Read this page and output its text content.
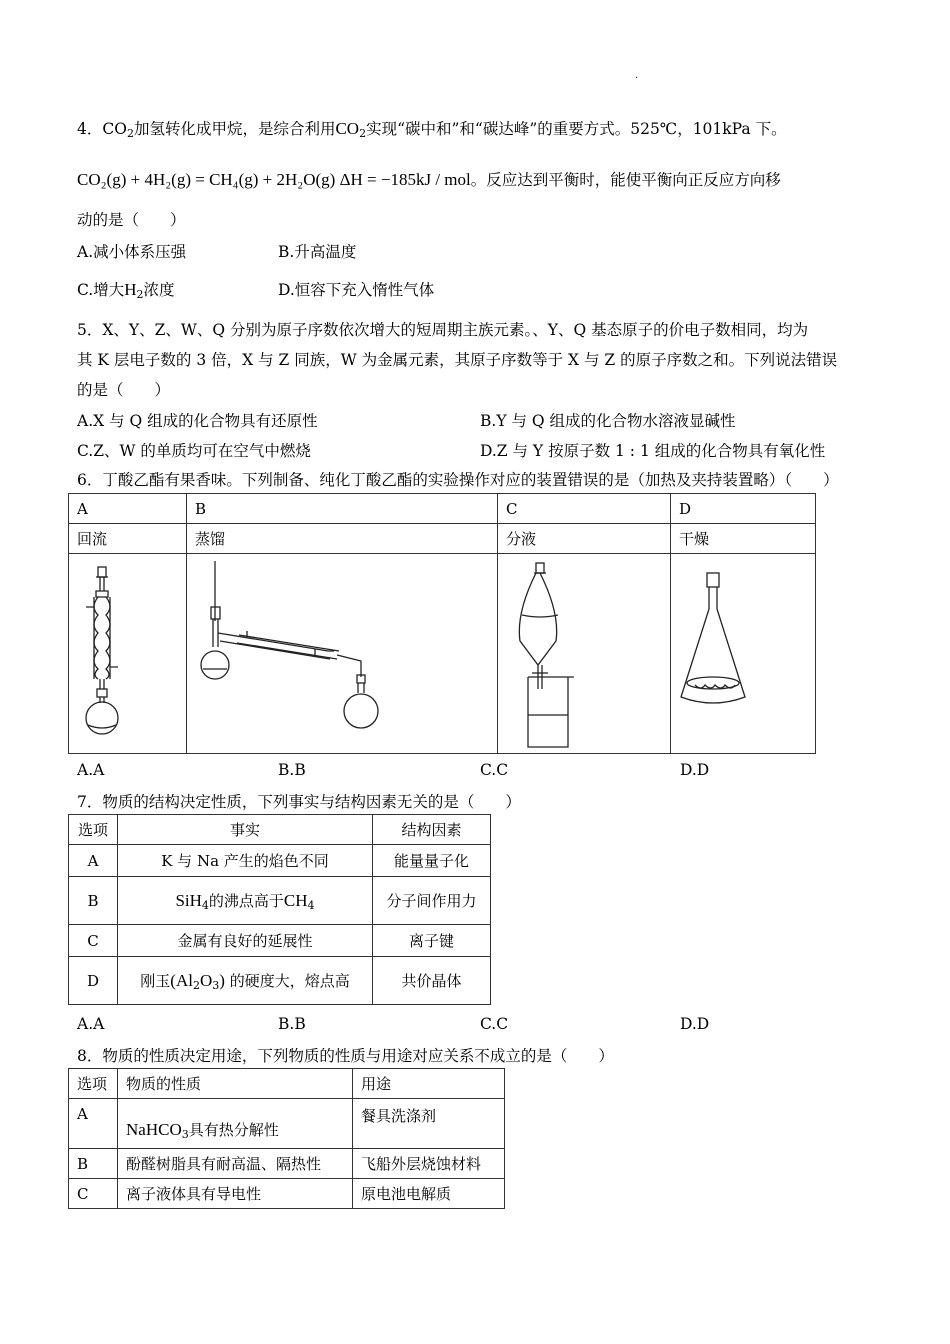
.
4．$CO_2$加氢转化成甲烷，是综合利用$CO_2$实现“碳中和”和“碳达峰”的重要方式。525℃，101kPa 下。
CO₂(g) + 4H₂(g) = CH₄(g) + 2H₂O(g) ΔH = −185kJ / mol。反应达到平衡时，能使平衡向正反应方向移
动的是（　　）
A.减小体系压强	B.升高温度
C.增大$H_2$浓度	D.恒容下充入惰性气体
5．X、Y、Z、W、Q 分别为原子序数依次增大的短周期主族元素。、Y、Q 基态原子的价电子数相同，均为
其 K 层电子数的 3 倍，X 与 Z 同族，W 为金属元素，其原子序数等于 X 与 Z 的原子序数之和。下列说法错误
的是（　　）
A.X 与 Q 组成的化合物具有还原性	B.Y 与 Q 组成的化合物水溶液显碱性
C.Z、W 的单质均可在空气中燃烧	D.Z 与 Y 按原子数 1 : 1 组成的化合物具有氧化性
6．丁酸乙酯有果香味。下列制备、纯化丁酸乙酯的实验操作对应的装置错误的是（加热及夹持装置略）（　　）
A	B	C	D
回流	蒸馏	分液	干燥

A.A	B.B	C.C	D.D
7．物质的结构决定性质，下列事实与结构因素无关的是（　　）
选项	事实	结构因素
A	K 与 Na 产生的焰色不同	能量量子化
B	SiH$_4$的沸点高于$CH_4$	分子间作用力
C	金属有良好的延展性	离子键
D	刚玉$(Al_2O_3)$ 的硬度大，熔点高	共价晶体
A.A	B.B	C.C	D.D
8．物质的性质决定用途，下列物质的性质与用途对应关系不成立的是（　　）
选项	物质的性质	用途
A	NaHCO$_3$具有热分解性	餐具洗涤剂
B	酚醛树脂具有耐高温、隔热性	飞船外层烧蚀材料
C	离子液体具有导电性	原电池电解质
